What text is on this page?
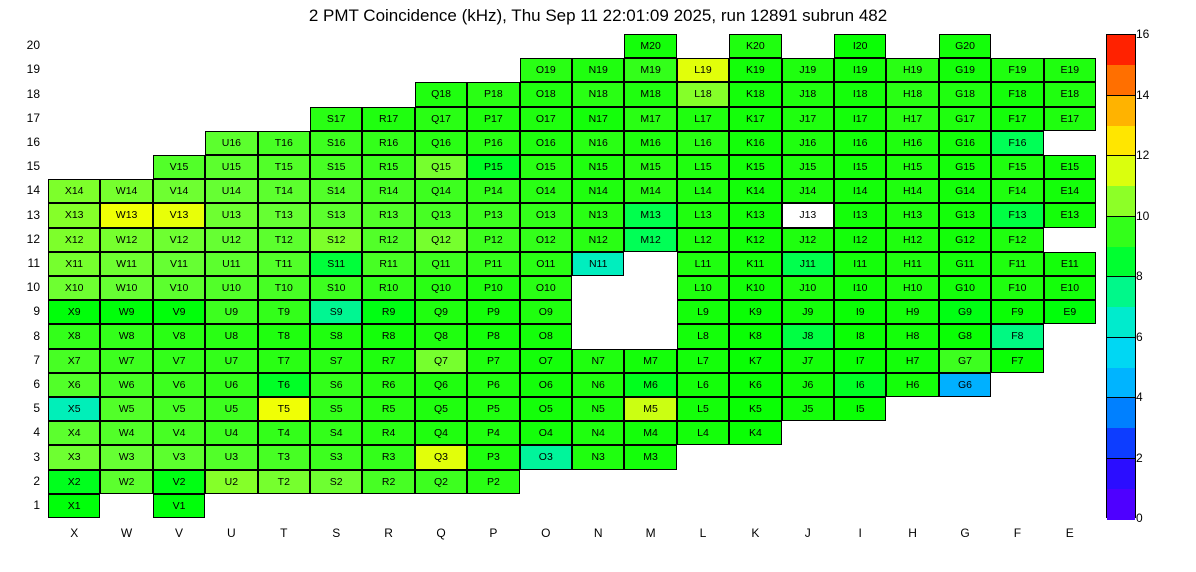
2 PMT Coincidence (kHz), Thu Sep 11 22:01:09 2025, run 12891 subrun 482
M20	K20	I20	G20
O19	N19	M19	L19	K19	J19	I19	H19	G19	F19	E19
Q18	P18	O18	N18	M18	L18	K18	J18	I18	H18	G18	F18	E18
S17	R17	Q17	P17	O17	N17	M17	L17	K17	J17	I17	H17	G17	F17	E17
U16	T16	S16	R16	Q16	P16	O16	N16	M16	L16	K16	J16	I16	H16	G16	F16
V15	U15	T15	S15	R15	Q15	P15	O15	N15	M15	L15	K15	J15	I15	H15	G15	F15	E15
X14	W14	V14	U14	T14	S14	R14	Q14	P14	O14	N14	M14	L14	K14	J14	I14	H14	G14	F14	E14
X13	W13	V13	U13	T13	S13	R13	Q13	P13	O13	N13	M13	L13	K13	J13	I13	H13	G13	F13	E13
X12	W12	V12	U12	T12	S12	R12	Q12	P12	O12	N12	M12	L12	K12	J12	I12	H12	G12	F12
X11	W11	V11	U11	T11	S11	R11	Q11	P11	O11	N11	L11	K11	J11	I11	H11	G11	F11	E11
X10	W10	V10	U10	T10	S10	R10	Q10	P10	O10	L10	K10	J10	I10	H10	G10	F10	E10
X9	W9	V9	U9	T9	S9	R9	Q9	P9	O9	L9	K9	J9	I9	H9	G9	F9	E9
X8	W8	V8	U8	T8	S8	R8	Q8	P8	O8	L8	K8	J8	I8	H8	G8	F8
X7	W7	V7	U7	T7	S7	R7	Q7	P7	O7	N7	M7	L7	K7	J7	I7	H7	G7	F7
X6	W6	V6	U6	T6	S6	R6	Q6	P6	O6	N6	M6	L6	K6	J6	I6	H6	G6
X5	W5	V5	U5	T5	S5	R5	Q5	P5	O5	N5	M5	L5	K5	J5	I5
X4	W4	V4	U4	T4	S4	R4	Q4	P4	O4	N4	M4	L4	K4
X3	W3	V3	U3	T3	S3	R3	Q3	P3	O3	N3	M3
X2	W2	V2	U2	T2	S2	R2	Q2	P2
X1	V1
20
19
18
17
16
15
14
13
12
11
10
9
8
7
6
5
4
3
2
1
X	W	V	U	T	S	R	Q	P	O	N	M	L	K	J	I	H	G	F	E
16
14
12
10
8
6
4
2
0
